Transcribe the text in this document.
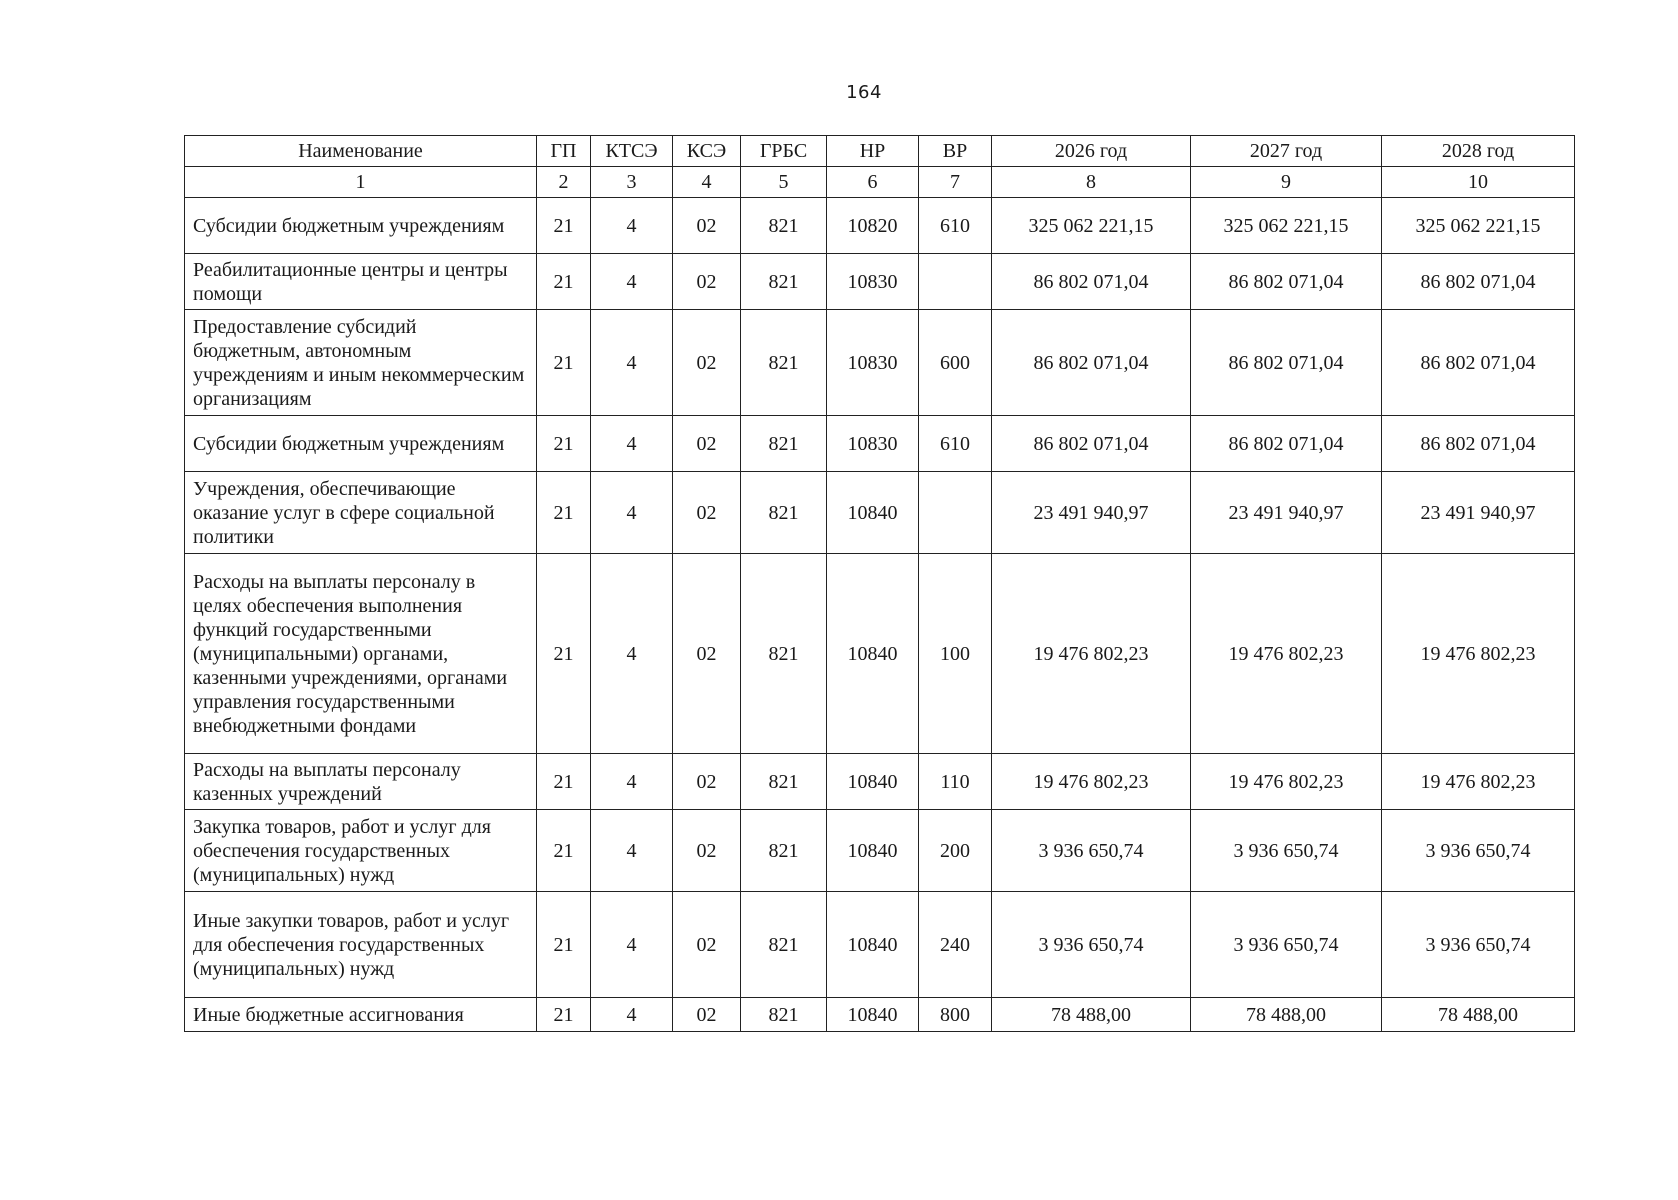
164
Наименование	ГП	КТСЭ	КСЭ	ГРБС	НР	ВР	2026 год	2027 год	2028 год
1	2	3	4	5	6	7	8	9	10
Субсидии бюджетным учреждениям	21	4	02	821	10820	610	325 062 221,15	325 062 221,15	325 062 221,15
Реабилитационные центры и центры помощи	21	4	02	821	10830		86 802 071,04	86 802 071,04	86 802 071,04
Предоставление субсидий бюджетным, автономным учреждениям и иным некоммерческим организациям	21	4	02	821	10830	600	86 802 071,04	86 802 071,04	86 802 071,04
Субсидии бюджетным учреждениям	21	4	02	821	10830	610	86 802 071,04	86 802 071,04	86 802 071,04
Учреждения, обеспечивающие оказание услуг в сфере социальной политики	21	4	02	821	10840		23 491 940,97	23 491 940,97	23 491 940,97
Расходы на выплаты персоналу в целях обеспечения выполнения функций государственными (муниципальными) органами, казенными учреждениями, органами управления государственными внебюджетными фондами	21	4	02	821	10840	100	19 476 802,23	19 476 802,23	19 476 802,23
Расходы на выплаты персоналу казенных учреждений	21	4	02	821	10840	110	19 476 802,23	19 476 802,23	19 476 802,23
Закупка товаров, работ и услуг для обеспечения государственных (муниципальных) нужд	21	4	02	821	10840	200	3 936 650,74	3 936 650,74	3 936 650,74
Иные закупки товаров, работ и услуг для обеспечения государственных (муниципальных) нужд	21	4	02	821	10840	240	3 936 650,74	3 936 650,74	3 936 650,74
Иные бюджетные ассигнования	21	4	02	821	10840	800	78 488,00	78 488,00	78 488,00
